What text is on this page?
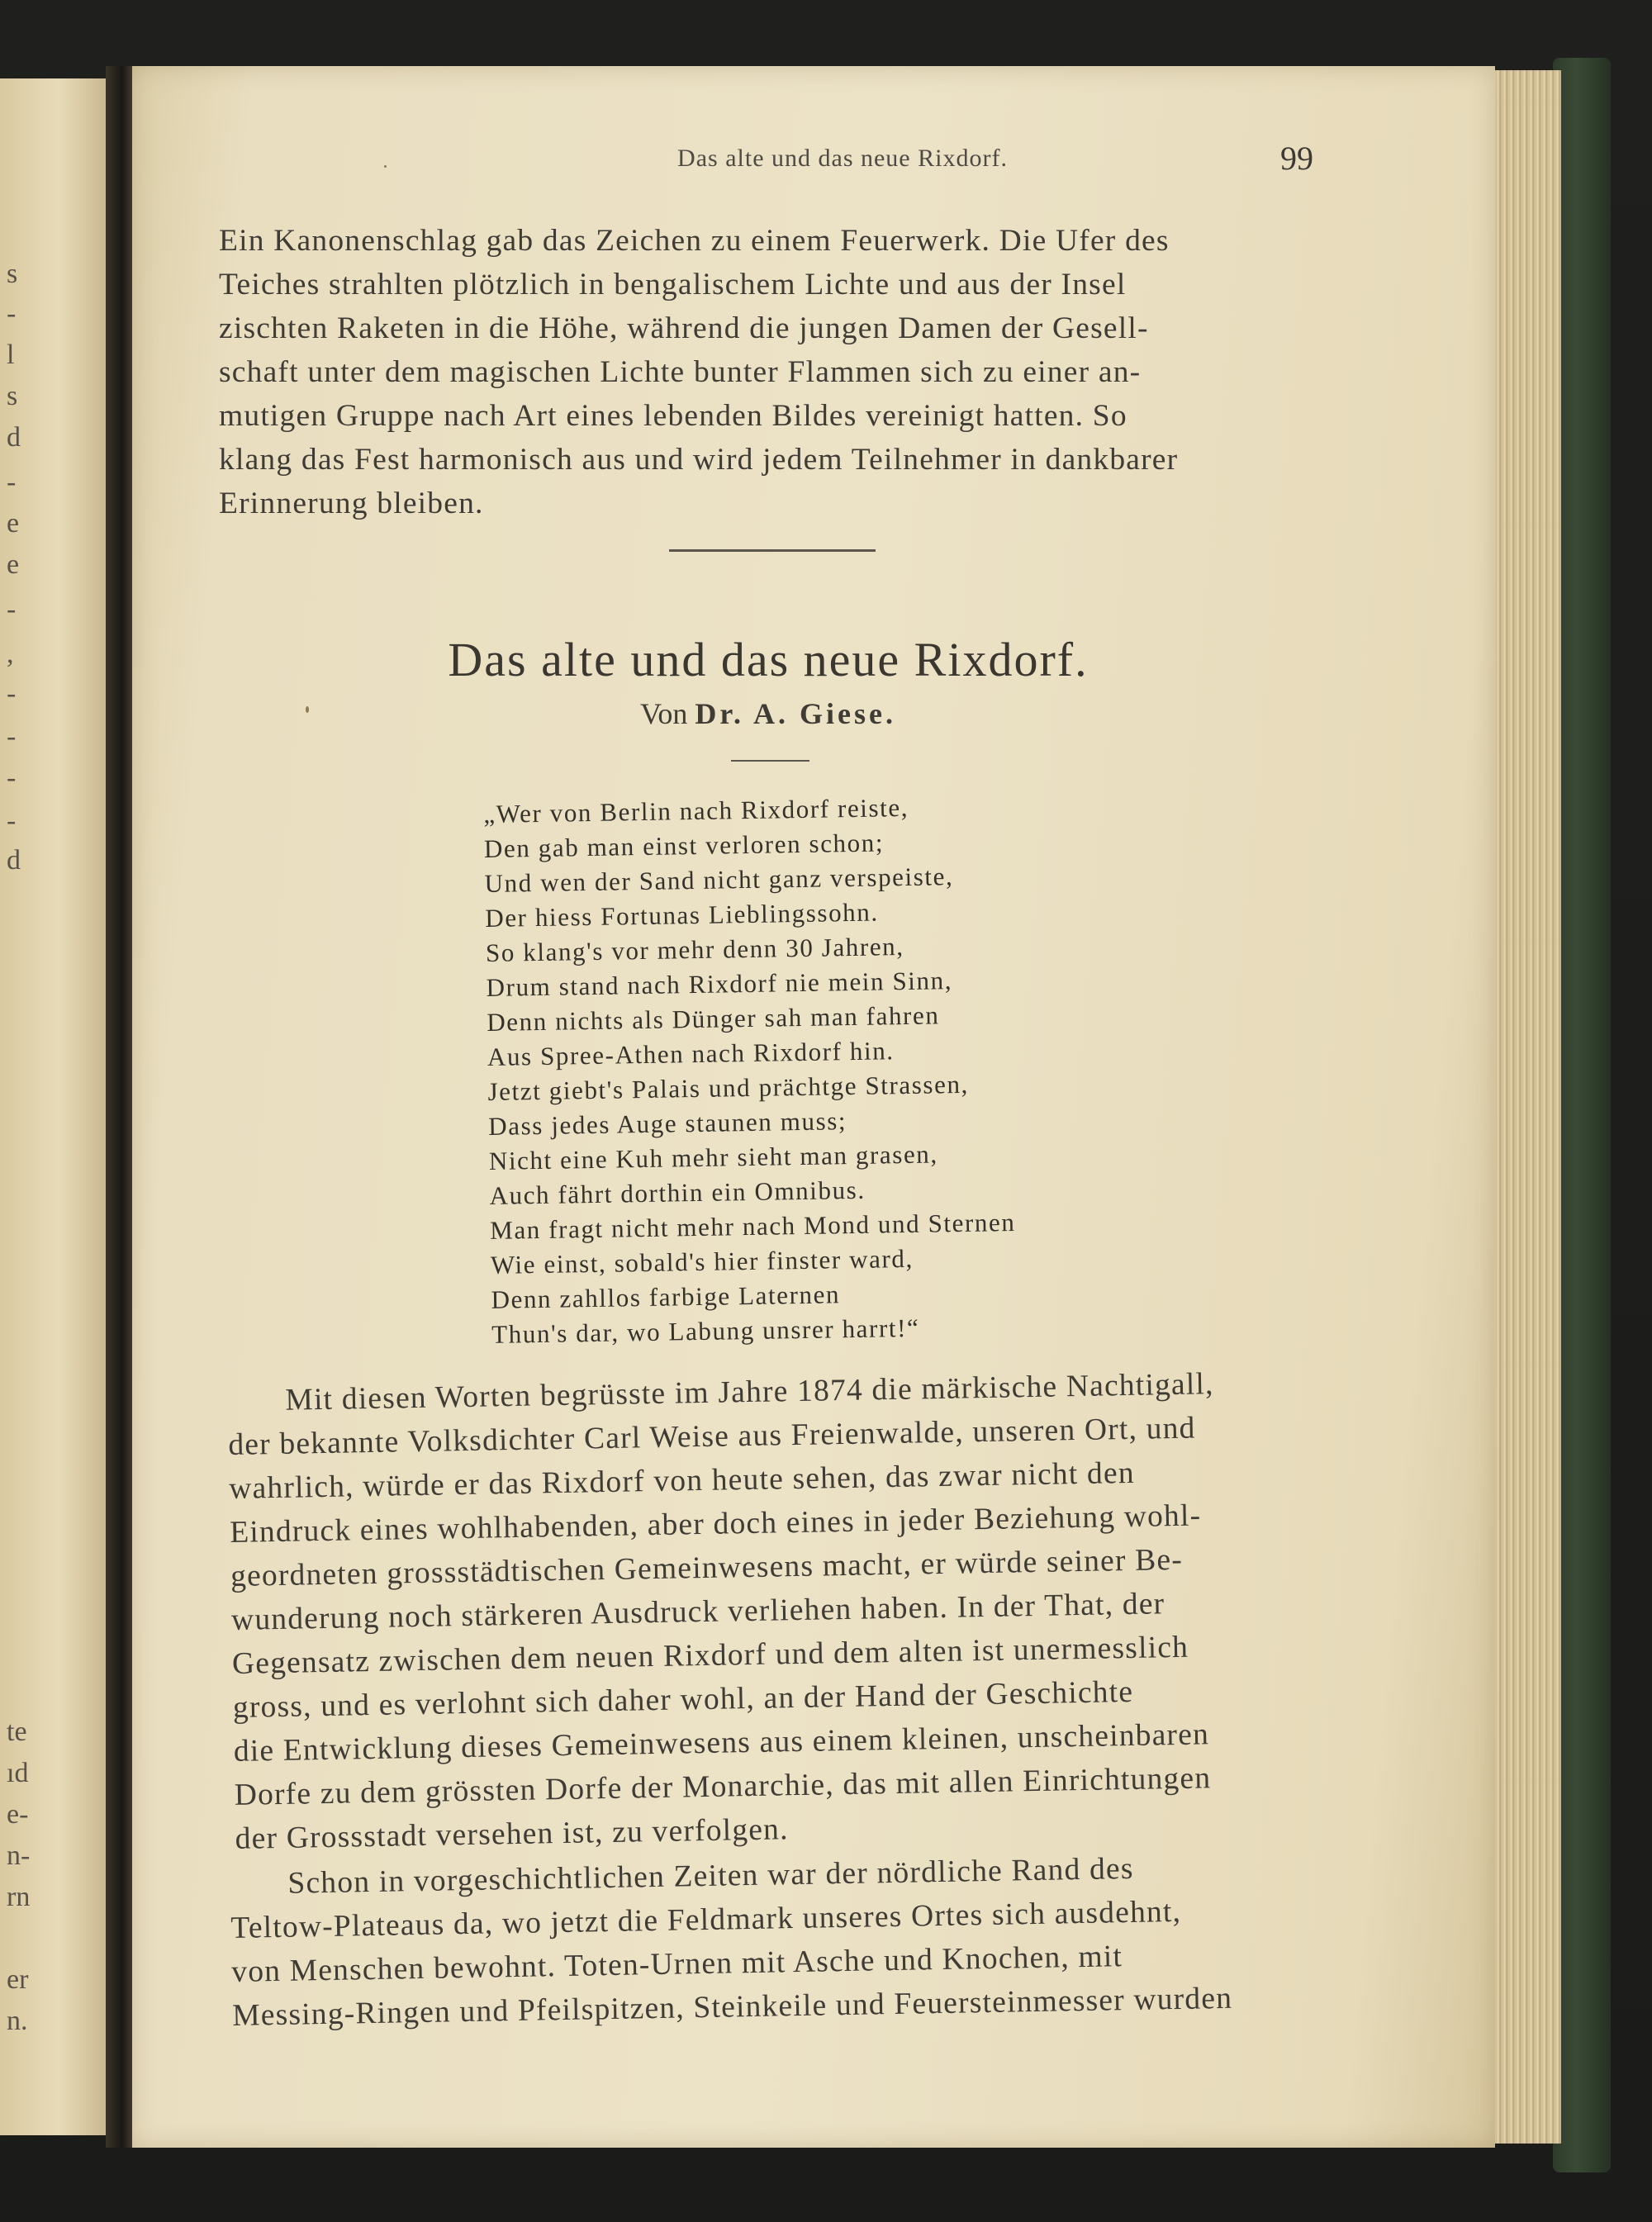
s
-
l
s
d
-
e
e
-
,
-
-
-
-
d
te
ıd
e-
n-
rn
er
n.
Das alte und das neue Rixdorf.	99
Ein Kanonenschlag gab das Zeichen zu einem Feuerwerk. Die Ufer des
Teiches strahlten plötzlich in bengalischem Lichte und aus der Insel
zischten Raketen in die Höhe, während die jungen Damen der Gesell-
schaft unter dem magischen Lichte bunter Flammen sich zu einer an-
mutigen Gruppe nach Art eines lebenden Bildes vereinigt hatten. So
klang das Fest harmonisch aus und wird jedem Teilnehmer in dankbarer
Erinnerung bleiben.
Das alte und das neue Rixdorf.
Von Dr. A. Giese.
„Wer von Berlin nach Rixdorf reiste,
Den gab man einst verloren schon;
Und wen der Sand nicht ganz verspeiste,
Der hiess Fortunas Lieblingssohn.
So klang's vor mehr denn 30 Jahren,
Drum stand nach Rixdorf nie mein Sinn,
Denn nichts als Dünger sah man fahren
Aus Spree-Athen nach Rixdorf hin.
Jetzt giebt's Palais und prächtge Strassen,
Dass jedes Auge staunen muss;
Nicht eine Kuh mehr sieht man grasen,
Auch fährt dorthin ein Omnibus.
Man fragt nicht mehr nach Mond und Sternen
Wie einst, sobald's hier finster ward,
Denn zahllos farbige Laternen
Thun's dar, wo Labung unsrer harrt!“
Mit diesen Worten begrüsste im Jahre 1874 die märkische Nachtigall,
der bekannte Volksdichter Carl Weise aus Freienwalde, unseren Ort, und
wahrlich, würde er das Rixdorf von heute sehen, das zwar nicht den
Eindruck eines wohlhabenden, aber doch eines in jeder Beziehung wohl-
geordneten grossstädtischen Gemeinwesens macht, er würde seiner Be-
wunderung noch stärkeren Ausdruck verliehen haben. In der That, der
Gegensatz zwischen dem neuen Rixdorf und dem alten ist unermesslich
gross, und es verlohnt sich daher wohl, an der Hand der Geschichte
die Entwicklung dieses Gemeinwesens aus einem kleinen, unscheinbaren
Dorfe zu dem grössten Dorfe der Monarchie, das mit allen Einrichtungen
der Grossstadt versehen ist, zu verfolgen.
Schon in vorgeschichtlichen Zeiten war der nördliche Rand des
Teltow-Plateaus da, wo jetzt die Feldmark unseres Ortes sich ausdehnt,
von Menschen bewohnt. Toten-Urnen mit Asche und Knochen, mit
Messing-Ringen und Pfeilspitzen, Steinkeile und Feuersteinmesser wurden
